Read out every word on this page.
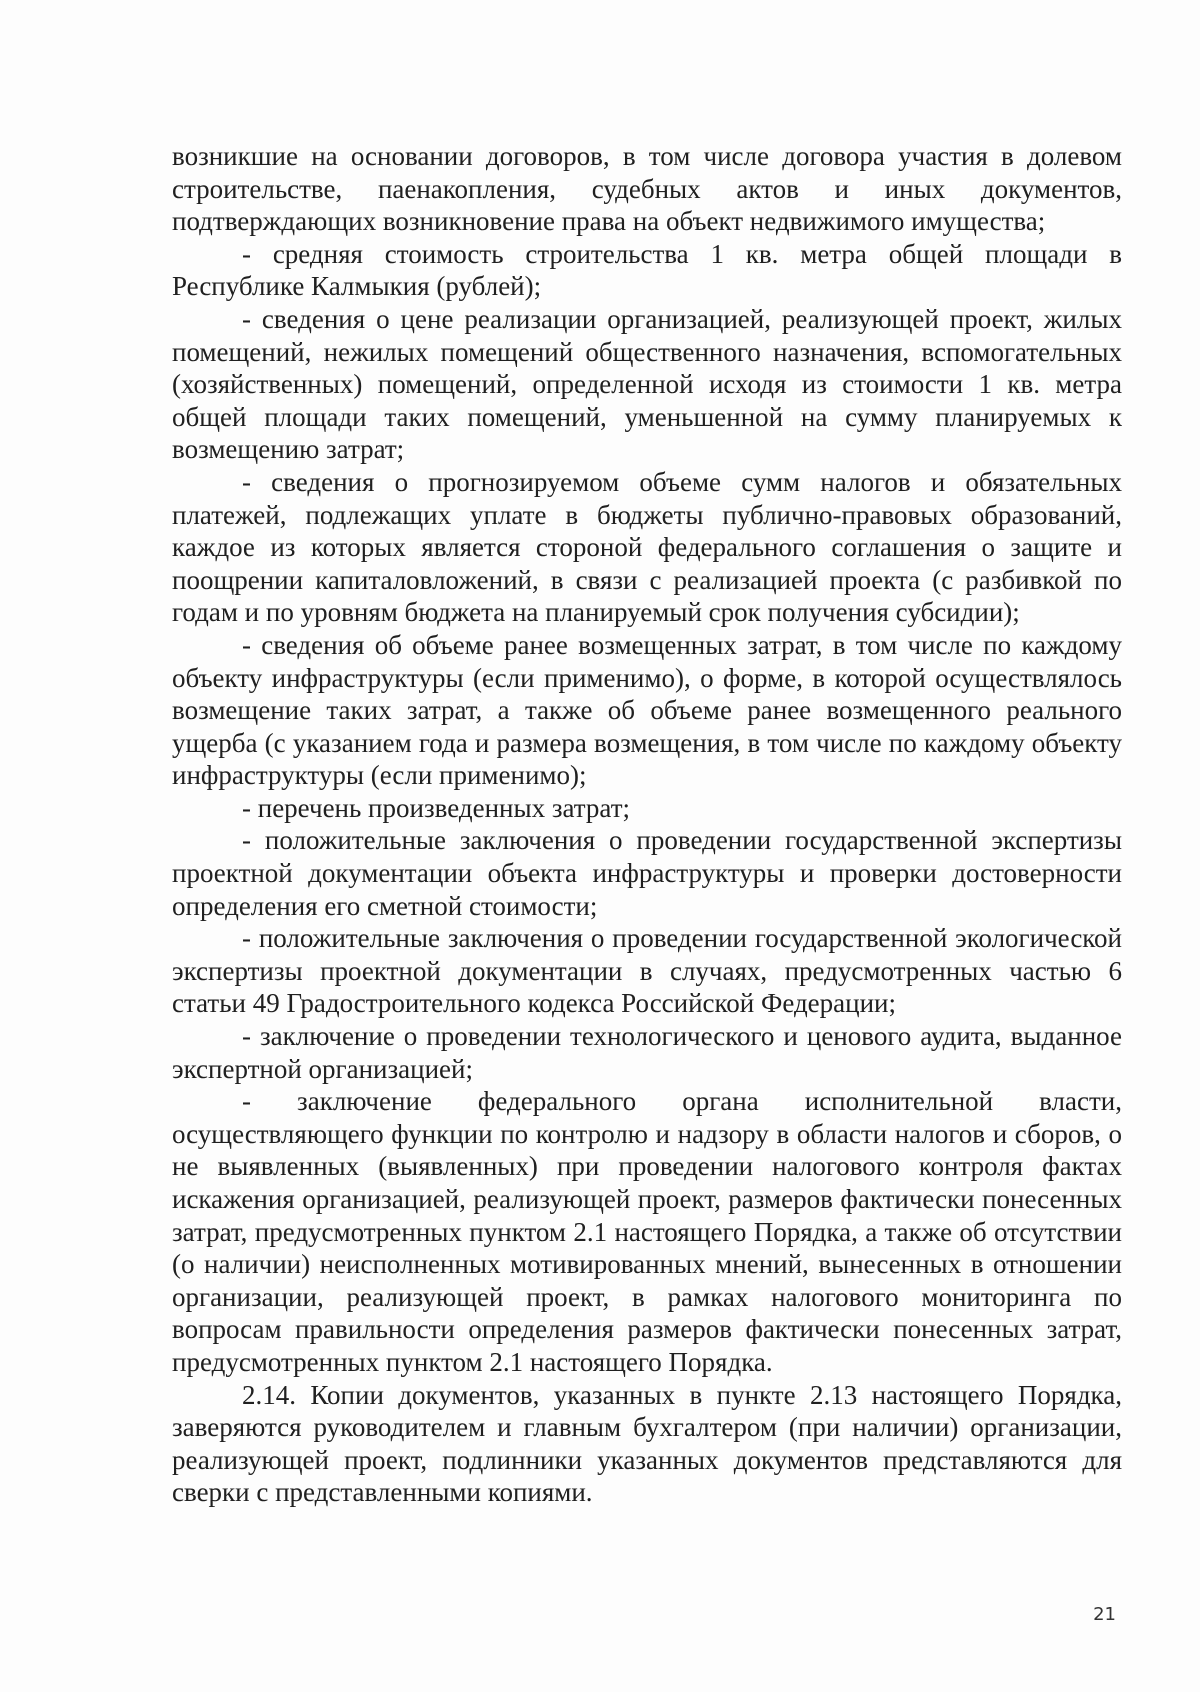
возникшие на основании договоров, в том числе договора участия в долевом строительстве, паенакопления, судебных актов и иных документов, подтверждающих возникновение права на объект недвижимого имущества;

- средняя стоимость строительства 1 кв. метра общей площади в Республике Калмыкия (рублей);

- сведения о цене реализации организацией, реализующей проект, жилых помещений, нежилых помещений общественного назначения, вспомогательных (хозяйственных) помещений, определенной исходя из стоимости 1 кв. метра общей площади таких помещений, уменьшенной на сумму планируемых к возмещению затрат;

- сведения о прогнозируемом объеме сумм налогов и обязательных платежей, подлежащих уплате в бюджеты публично-правовых образований, каждое из которых является стороной федерального соглашения о защите и поощрении капиталовложений, в связи с реализацией проекта (с разбивкой по годам и по уровням бюджета на планируемый срок получения субсидии);

- сведения об объеме ранее возмещенных затрат, в том числе по каждому объекту инфраструктуры (если применимо), о форме, в которой осуществлялось возмещение таких затрат, а также об объеме ранее возмещенного реального ущерба (с указанием года и размера возмещения, в том числе по каждому объекту инфраструктуры (если применимо);

- перечень произведенных затрат;

- положительные заключения о проведении государственной экспертизы проектной документации объекта инфраструктуры и проверки достоверности определения его сметной стоимости;

- положительные заключения о проведении государственной экологической экспертизы проектной документации в случаях, предусмотренных частью 6 статьи 49 Градостроительного кодекса Российской Федерации;

- заключение о проведении технологического и ценового аудита, выданное экспертной организацией;

- заключение федерального органа исполнительной власти, осуществляющего функции по контролю и надзору в области налогов и сборов, о не выявленных (выявленных) при проведении налогового контроля фактах искажения организацией, реализующей проект, размеров фактически понесенных затрат, предусмотренных пунктом 2.1 настоящего Порядка, а также об отсутствии (о наличии) неисполненных мотивированных мнений, вынесенных в отношении организации, реализующей проект, в рамках налогового мониторинга по вопросам правильности определения размеров фактически понесенных затрат, предусмотренных пунктом 2.1 настоящего Порядка.

2.14. Копии документов, указанных в пункте 2.13 настоящего Порядка, заверяются руководителем и главным бухгалтером (при наличии) организации, реализующей проект, подлинники указанных документов представляются для сверки с представленными копиями.

21
